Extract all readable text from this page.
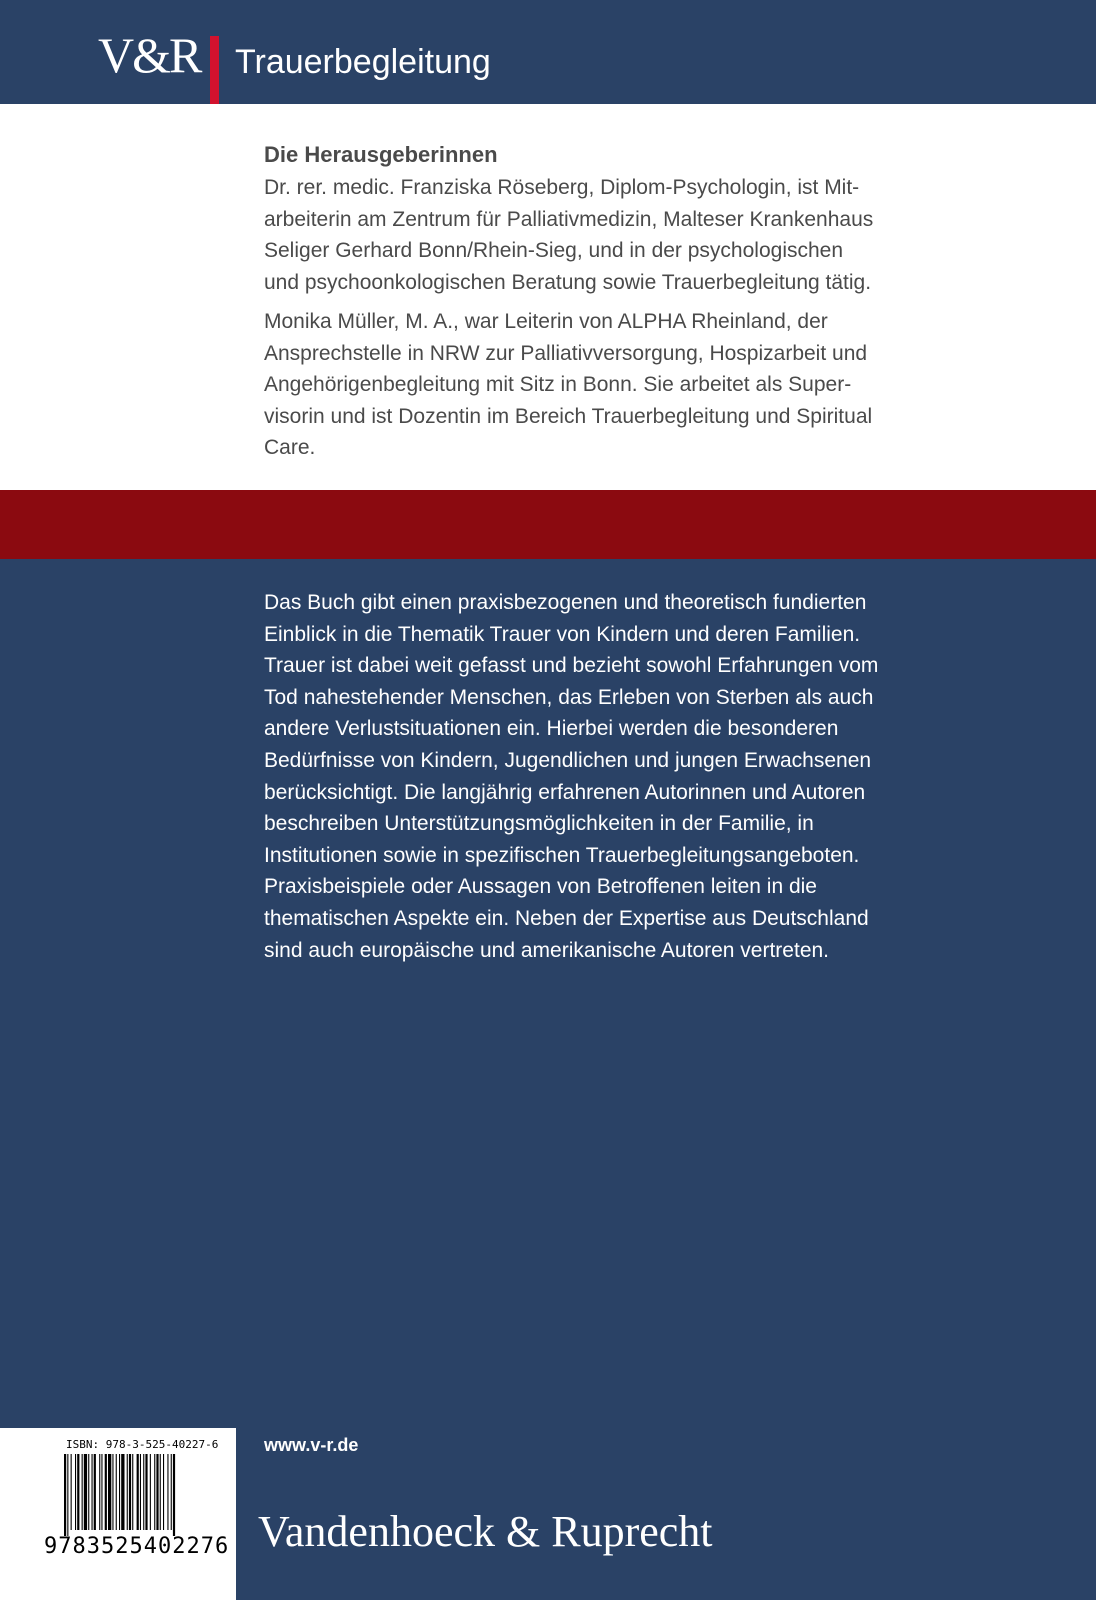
V&R Trauerbegleitung
Die Herausgeberinnen
Dr. rer. medic. Franziska Röseberg, Diplom-Psychologin, ist Mit-
arbeiterin am Zentrum für Palliativmedizin, Malteser Krankenhaus
Seliger Gerhard Bonn/Rhein-Sieg, und in der psychologischen
und psychoonkologischen Beratung sowie Trauerbegleitung tätig.
Monika Müller, M. A., war Leiterin von ALPHA Rheinland, der
Ansprechstelle in NRW zur Palliativversorgung, Hospizarbeit und
Angehörigenbegleitung mit Sitz in Bonn. Sie arbeitet als Super-
visorin und ist Dozentin im Bereich Trauerbegleitung und Spiritual
Care.
Das Buch gibt einen praxisbezogenen und theoretisch fundierten
Einblick in die Thematik Trauer von Kindern und deren Familien.
Trauer ist dabei weit gefasst und bezieht sowohl Erfahrungen vom
Tod nahestehender Menschen, das Erleben von Sterben als auch
andere Verlustsituationen ein. Hierbei werden die besonderen
Bedürfnisse von Kindern, Jugendlichen und jungen Erwachsenen
berücksichtigt. Die langjährig erfahrenen Autorinnen und Autoren
beschreiben Unterstützungsmöglichkeiten in der Familie, in
Institutionen sowie in spezifischen Trauerbegleitungsangeboten.
Praxisbeispiele oder Aussagen von Betroffenen leiten in die
thematischen Aspekte ein. Neben der Expertise aus Deutschland
sind auch europäische und amerikanische Autoren vertreten.
ISBN: 978-3-525-40227-6
9783525402276
www.v-r.de
Vandenhoeck & Ruprecht
